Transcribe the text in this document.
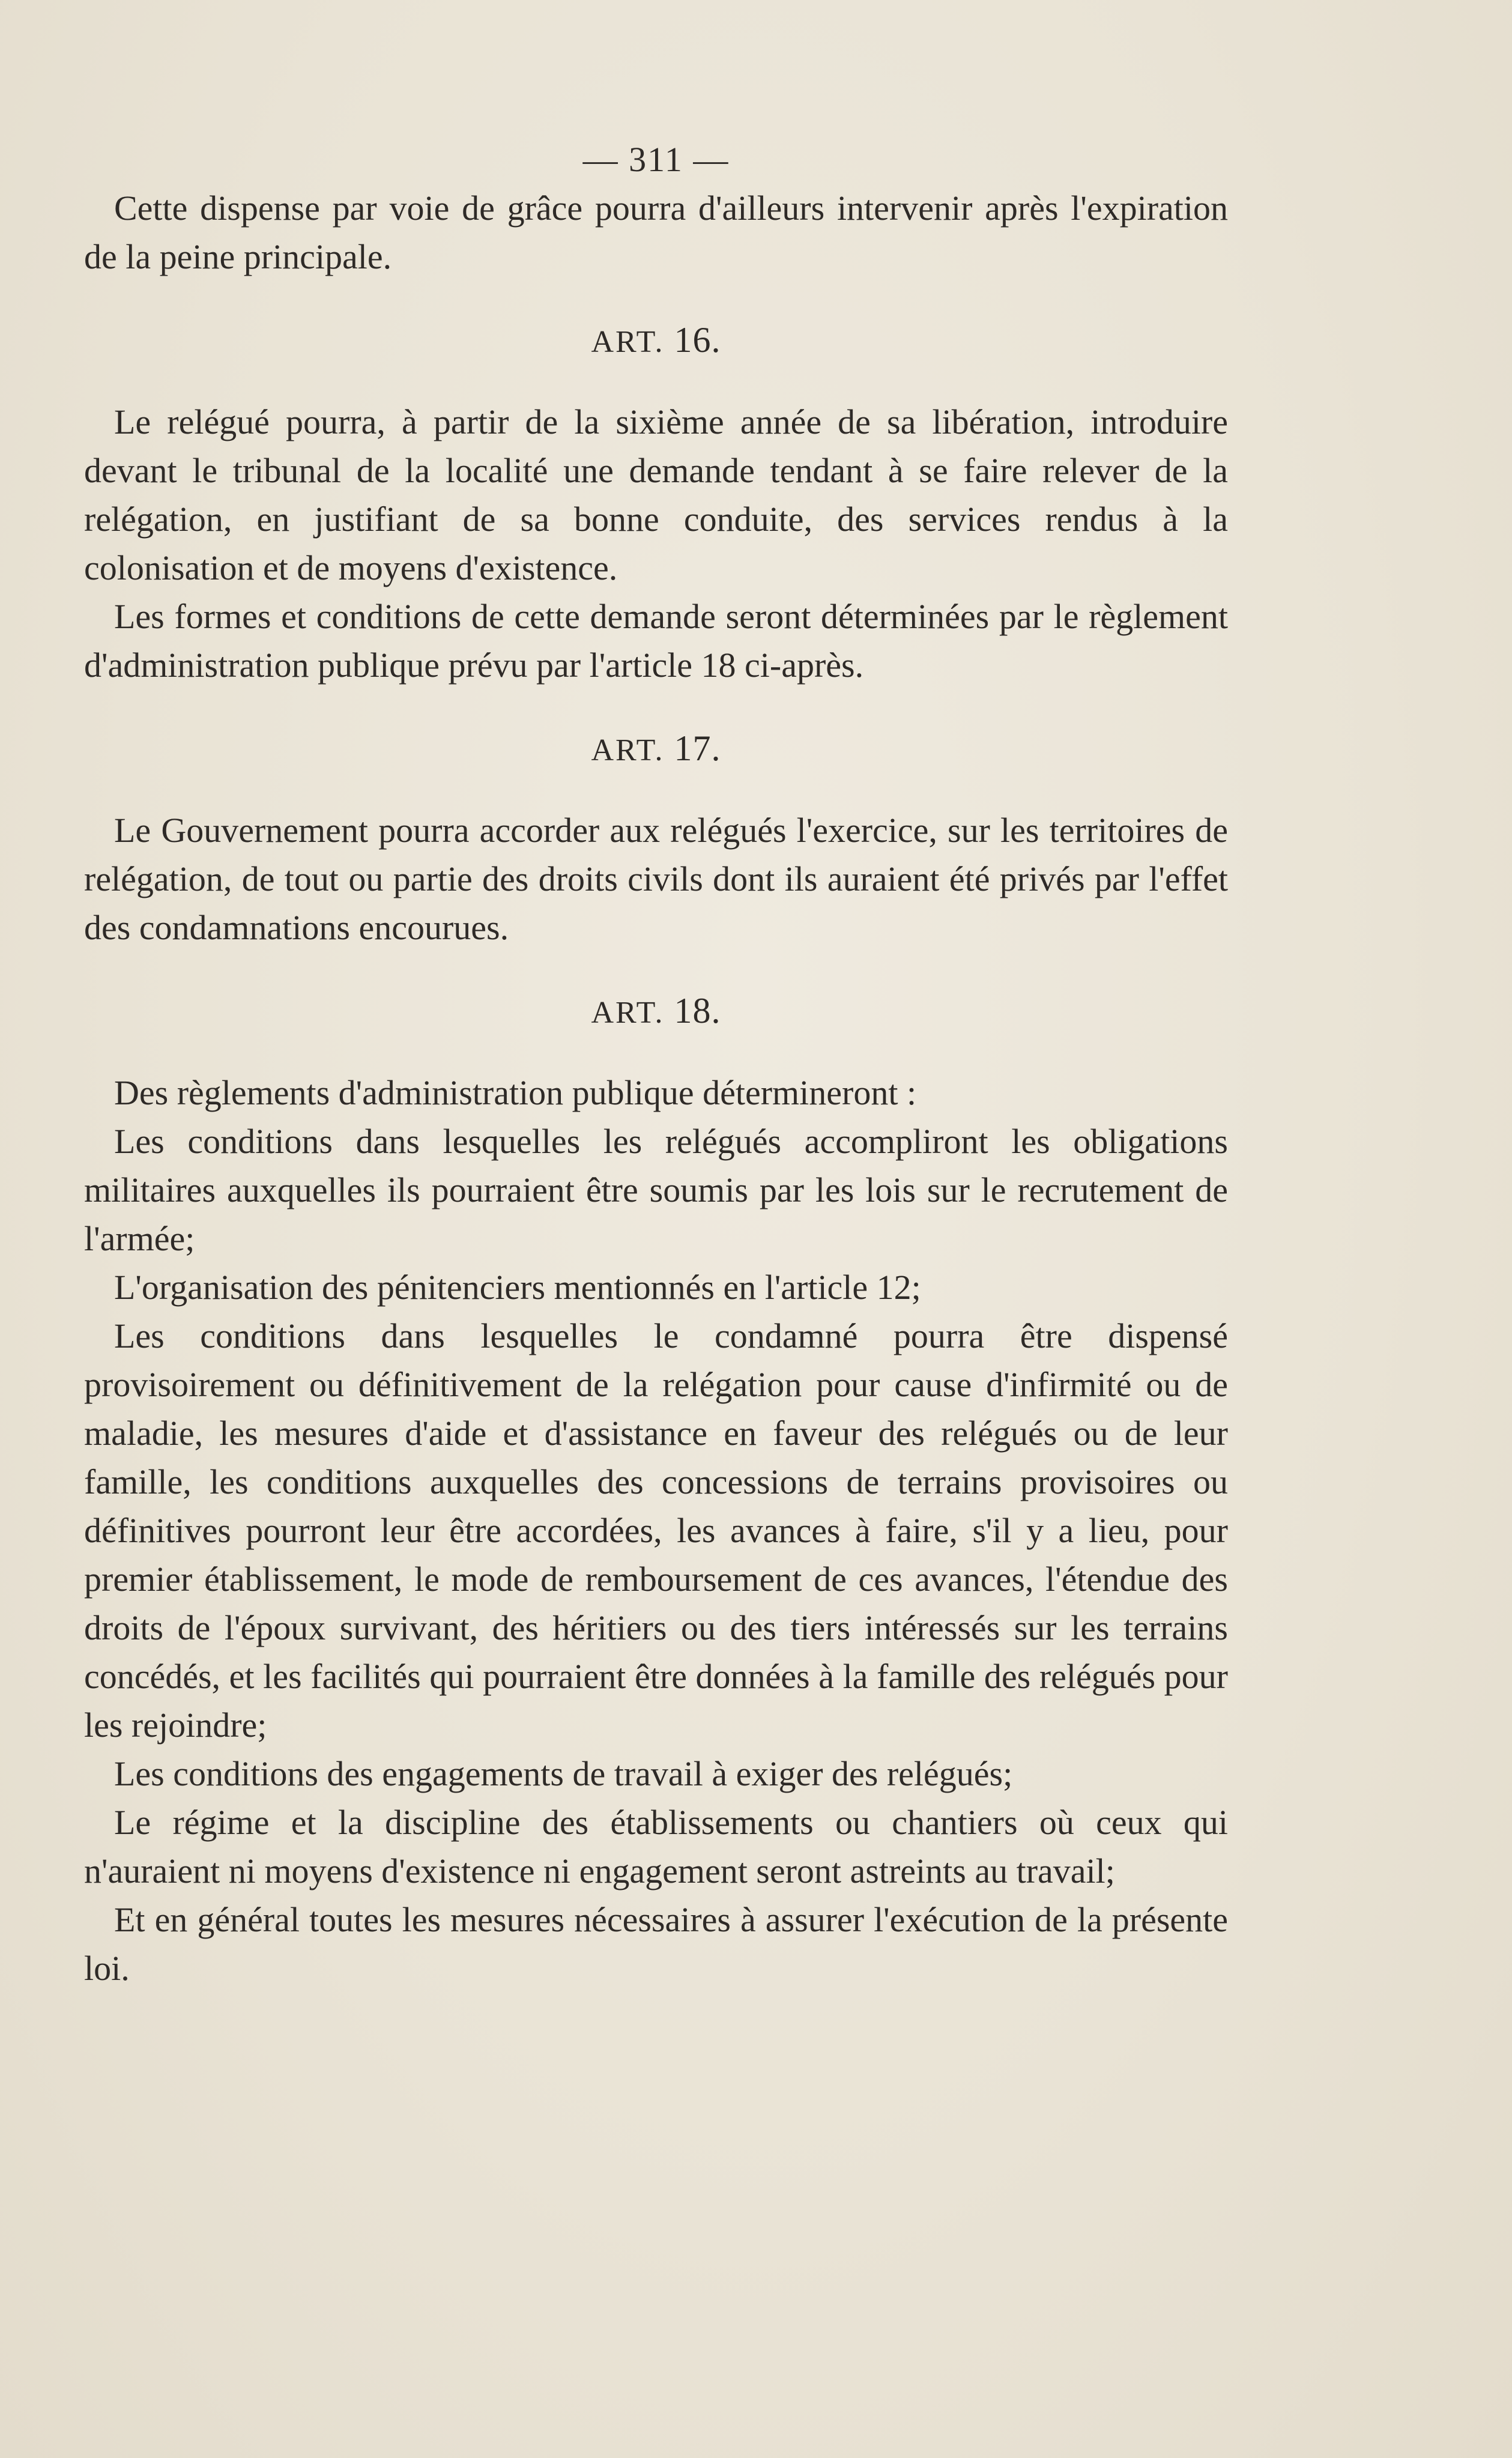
— 311 —

Cette dispense par voie de grâce pourra d'ailleurs intervenir après l'expiration de la peine principale.

ART. 16.

Le relégué pourra, à partir de la sixième année de sa libération, introduire devant le tribunal de la localité une demande tendant à se faire relever de la relégation, en justifiant de sa bonne conduite, des services rendus à la colonisation et de moyens d'existence.

Les formes et conditions de cette demande seront déterminées par le règlement d'administration publique prévu par l'article 18 ci-après.

ART. 17.

Le Gouvernement pourra accorder aux relégués l'exercice, sur les territoires de relégation, de tout ou partie des droits civils dont ils auraient été privés par l'effet des condamnations encourues.

ART. 18.

Des règlements d'administration publique détermineront :

Les conditions dans lesquelles les relégués accompliront les obligations militaires auxquelles ils pourraient être soumis par les lois sur le recrutement de l'armée;

L'organisation des pénitenciers mentionnés en l'article 12;

Les conditions dans lesquelles le condamné pourra être dispensé provisoirement ou définitivement de la relégation pour cause d'infirmité ou de maladie, les mesures d'aide et d'assistance en faveur des relégués ou de leur famille, les conditions auxquelles des concessions de terrains provisoires ou définitives pourront leur être accordées, les avances à faire, s'il y a lieu, pour premier établissement, le mode de remboursement de ces avances, l'étendue des droits de l'époux survivant, des héritiers ou des tiers intéressés sur les terrains concédés, et les facilités qui pourraient être données à la famille des relégués pour les rejoindre;

Les conditions des engagements de travail à exiger des relégués;

Le régime et la discipline des établissements ou chantiers où ceux qui n'auraient ni moyens d'existence ni engagement seront astreints au travail;

Et en général toutes les mesures nécessaires à assurer l'exécution de la présente loi.
